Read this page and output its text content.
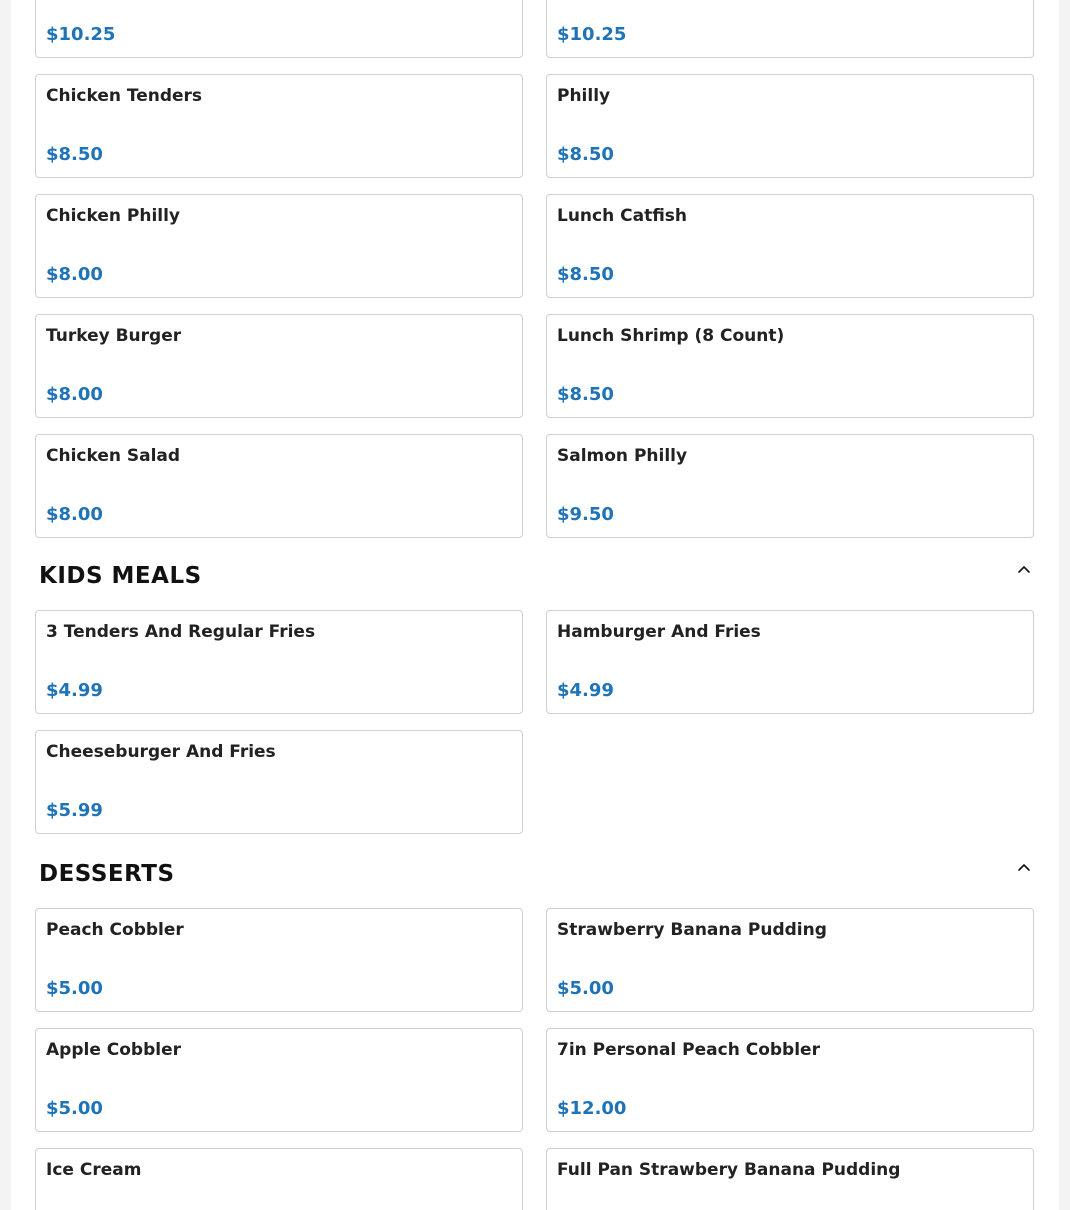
$10.25	$10.25
Chicken Tenders
$8.50
Philly
$8.50
Chicken Philly
$8.00
Lunch Catfish
$8.50
Turkey Burger
$8.00
Lunch Shrimp (8 Count)
$8.50
Chicken Salad
$8.00
Salmon Philly
$9.50
KIDS MEALS
3 Tenders And Regular Fries
$4.99
Hamburger And Fries
$4.99
Cheeseburger And Fries
$5.99
DESSERTS
Peach Cobbler
$5.00
Strawberry Banana Pudding
$5.00
Apple Cobbler
$5.00
7in Personal Peach Cobbler
$12.00
Ice Cream	Full Pan Strawbery Banana Pudding
